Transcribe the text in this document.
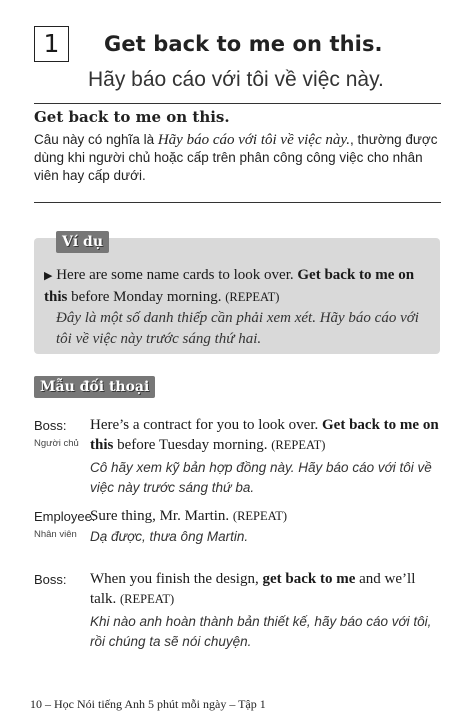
1	Get back to me on this.
Hãy báo cáo với tôi về việc này.
Get back to me on this.
Câu này có nghĩa là Hãy báo cáo với tôi về việc này., thường được dùng khi người chủ hoặc cấp trên phân công công việc cho nhân viên hay cấp dưới.
Ví dụ
▶ Here are some name cards to look over. Get back to me on this before Monday morning. (REPEAT)
Đây là một số danh thiếp cần phải xem xét. Hãy báo cáo với tôi về việc này trước sáng thứ hai.
Mẫu đối thoại
Boss:
Người chủ
Here’s a contract for you to look over. Get back to me on this before Tuesday morning. (REPEAT)
Cô hãy xem kỹ bản hợp đồng này. Hãy báo cáo với tôi về việc này trước sáng thứ ba.
Employee:
Nhân viên
Sure thing, Mr. Martin. (REPEAT)
Dạ được, thưa ông Martin.
Boss: When you finish the design, get back to me and we’ll talk. (REPEAT)
Khi nào anh hoàn thành bản thiết kế, hãy báo cáo với tôi, rồi chúng ta sẽ nói chuyện.
10 – Học Nói tiếng Anh 5 phút mỗi ngày – Tập 1
